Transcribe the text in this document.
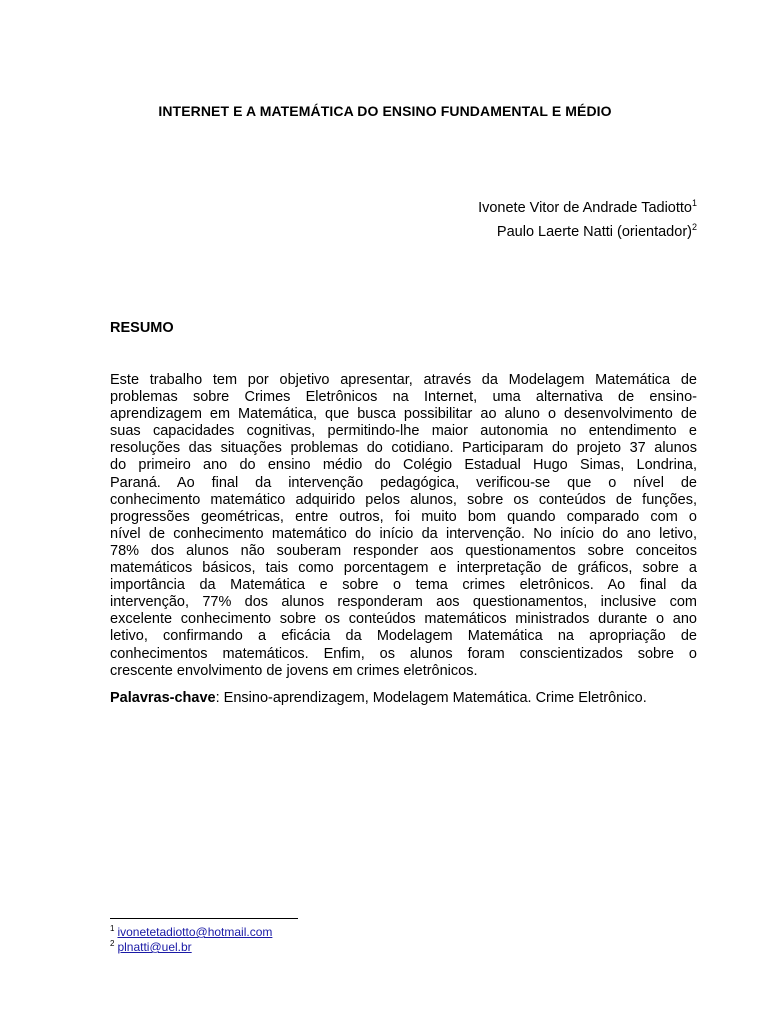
INTERNET E A MATEMÁTICA DO ENSINO FUNDAMENTAL E MÉDIO
Ivonete Vitor de Andrade Tadiotto$^1$
Paulo Laerte Natti (orientador)$^2$
RESUMO

Este trabalho tem por objetivo apresentar, através da Modelagem Matemática de
problemas sobre Crimes Eletrônicos na Internet, uma alternativa de ensino-
aprendizagem em Matemática, que busca possibilitar ao aluno o desenvolvimento de
suas capacidades cognitivas, permitindo-lhe maior autonomia no entendimento e
resoluções das situações problemas do cotidiano. Participaram do projeto 37 alunos
do primeiro ano do ensino médio do Colégio Estadual Hugo Simas, Londrina,
Paraná. Ao final da intervenção pedagógica, verificou-se que o nível de
conhecimento matemático adquirido pelos alunos, sobre os conteúdos de funções,
progressões geométricas, entre outros, foi muito bom quando comparado com o
nível de conhecimento matemático do início da intervenção. No início do ano letivo,
78% dos alunos não souberam responder aos questionamentos sobre conceitos
matemáticos básicos, tais como porcentagem e interpretação de gráficos, sobre a
importância da Matemática e sobre o tema crimes eletrônicos. Ao final da
intervenção, 77% dos alunos responderam aos questionamentos, inclusive com
excelente conhecimento sobre os conteúdos matemáticos ministrados durante o ano
letivo, confirmando a eficácia da Modelagem Matemática na apropriação de
conhecimentos matemáticos. Enfim, os alunos foram conscientizados sobre o
crescente envolvimento de jovens em crimes eletrônicos.

Palavras-chave: Ensino-aprendizagem, Modelagem Matemática. Crime Eletrônico.
$^1$ ivonetetadiotto@hotmail.com
$^2$ plnatti@uel.br
